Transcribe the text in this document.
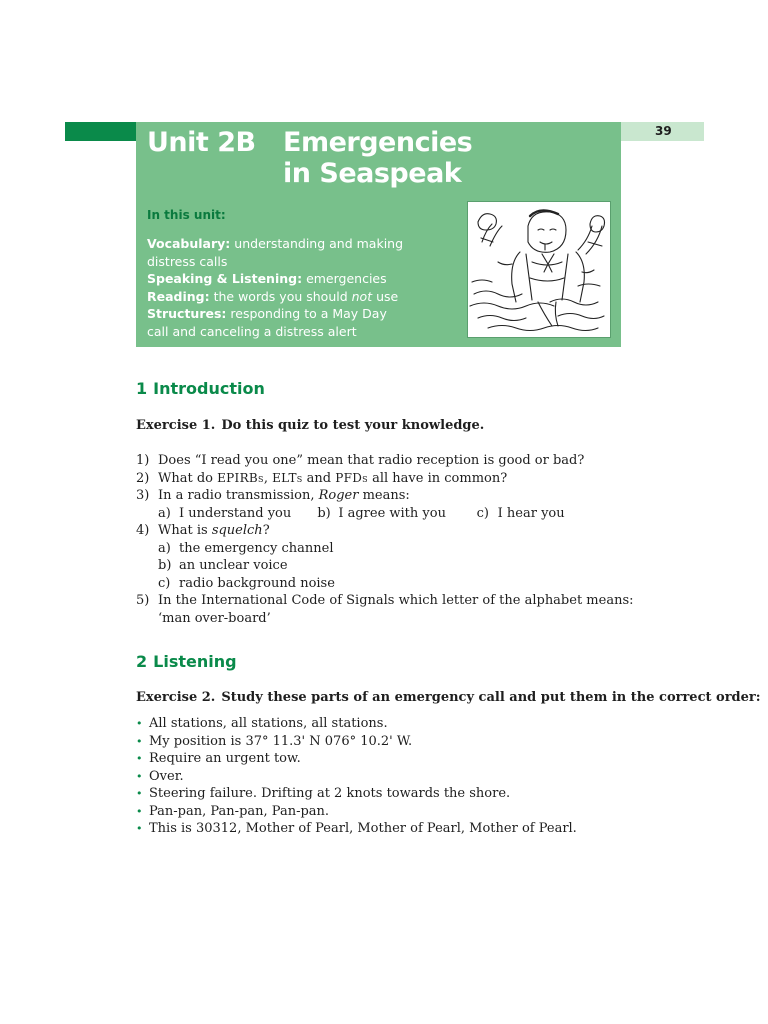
39
Unit 2B Emergencies in Seaspeak
In this unit:
Vocabulary: understanding and making distress calls
Speaking & Listening: emergencies
Reading: the words you should not use
Structures: responding to a May Day call and canceling a distress alert
1 Introduction
Exercise 1. Do this quiz to test your knowledge.
1) Does “I read you one” mean that radio reception is good or bad?
2) What do EPIRBs, ELTs and PFDs all have in common?
3) In a radio transmission, Roger means:
a) I understand you	b) I agree with you	c) I hear you
4) What is squelch?
a) the emergency channel
b) an unclear voice
c) radio background noise
5) In the International Code of Signals which letter of the alphabet means: ‘man over-board’
2 Listening
Exercise 2. Study these parts of an emergency call and put them in the correct order:
• All stations, all stations, all stations.
• My position is 37° 11.3' N 076° 10.2' W.
• Require an urgent tow.
• Over.
• Steering failure. Drifting at 2 knots towards the shore.
• Pan-pan, Pan-pan, Pan-pan.
• This is 30312, Mother of Pearl, Mother of Pearl, Mother of Pearl.
